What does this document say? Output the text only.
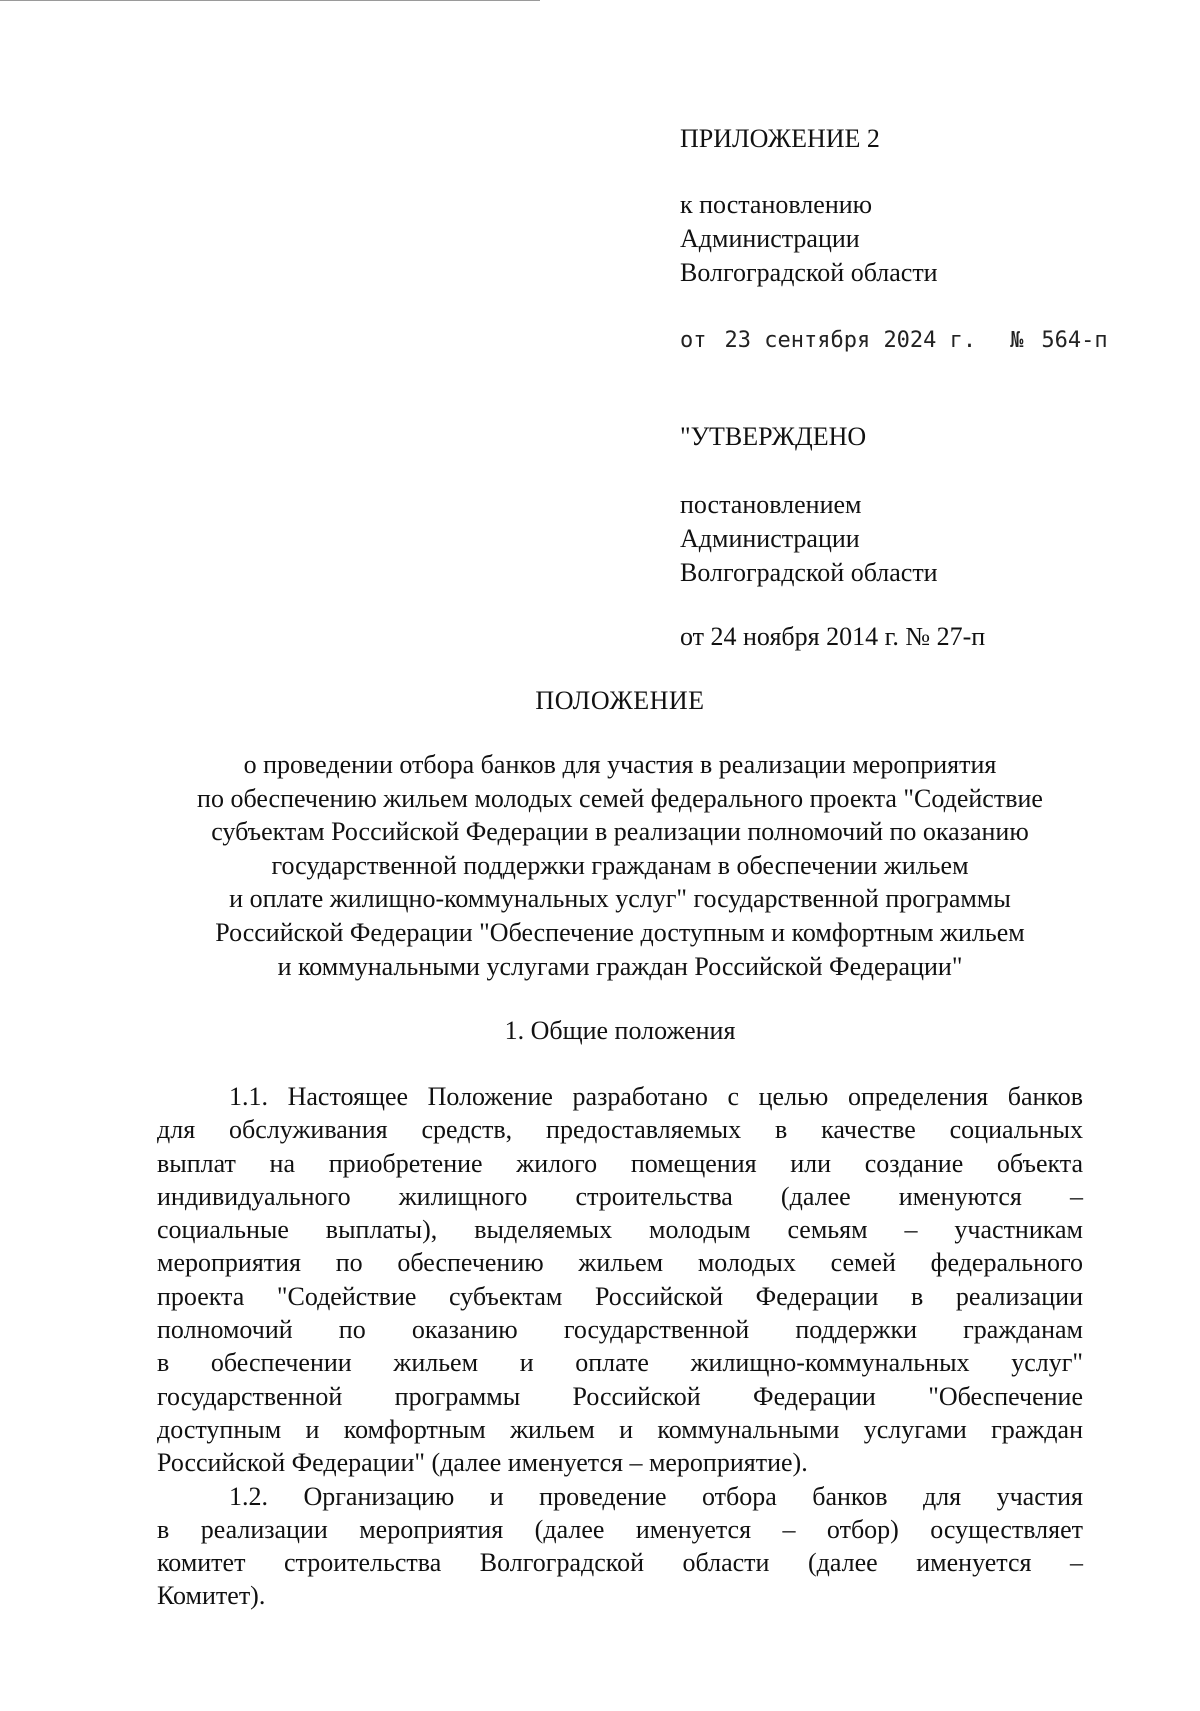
ПРИЛОЖЕНИЕ 2
к постановлению
Администрации
Волгоградской области
от 23 сентября 2024 г. № 564-п
"УТВЕРЖДЕНО
постановлением
Администрации
Волгоградской области
от 24 ноября 2014 г. № 27-п
ПОЛОЖЕНИЕ
о проведении отбора банков для участия в реализации мероприятия
по обеспечению жильем молодых семей федерального проекта "Содействие
субъектам Российской Федерации в реализации полномочий по оказанию
государственной поддержки гражданам в обеспечении жильем
и оплате жилищно-коммунальных услуг" государственной программы
Российской Федерации "Обеспечение доступным и комфортным жильем
и коммунальными услугами граждан Российской Федерации"
1. Общие положения
1.1. Настоящее Положение разработано с целью определения банков
для обслуживания средств, предоставляемых в качестве социальных
выплат на приобретение жилого помещения или создание объекта
индивидуального жилищного строительства (далее именуются –
социальные выплаты), выделяемых молодым семьям – участникам
мероприятия по обеспечению жильем молодых семей федерального
проекта "Содействие субъектам Российской Федерации в реализации
полномочий по оказанию государственной поддержки гражданам
в обеспечении жильем и оплате жилищно-коммунальных услуг"
государственной программы Российской Федерации "Обеспечение
доступным и комфортным жильем и коммунальными услугами граждан
Российской Федерации" (далее именуется – мероприятие).
1.2. Организацию и проведение отбора банков для участия
в реализации мероприятия (далее именуется – отбор) осуществляет
комитет строительства Волгоградской области (далее именуется –
Комитет).
